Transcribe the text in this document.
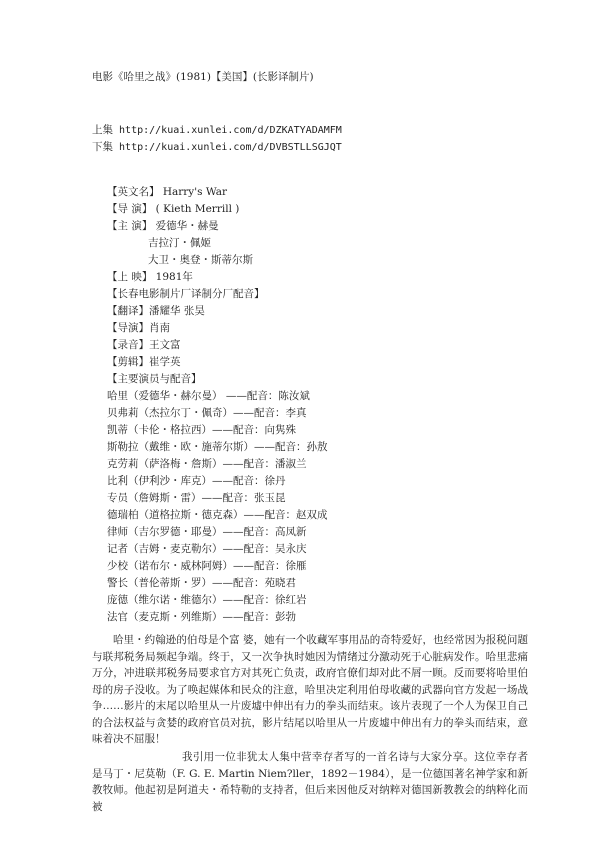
电影《哈里之战》(1981)【美国】(长影译制片)
上集 http://kuai.xunlei.com/d/DZKATYADAMFM
下集 http://kuai.xunlei.com/d/DVBSTLLSGJQT
【英文名】 Harry's War
【导 演】 ( Kieth Merrill )
【主 演】 爱德华・赫曼
吉拉汀・佩姬
大卫・奥登・斯蒂尔斯
【上 映】 1981年
【长春电影制片厂译制分厂配音】
【翻译】潘耀华 张昊
【导演】肖南
【录音】王文富
【剪辑】崔学英
【主要演员与配音】
哈里（爱德华・赫尔曼） ——配音：陈汝斌
贝弗莉（杰拉尔丁・佩奇）——配音：李真
凯蒂（卡伦・格拉西）——配音：向隽殊
斯勒拉（戴维・欧・施蒂尔斯）——配音：孙敖
克劳莉（萨洛梅・詹斯）——配音：潘淑兰
比利（伊利沙・库克）——配音：徐丹
专员（詹姆斯・雷）——配音：张玉昆
德瑞柏（道格拉斯・德克森）——配音：赵双成
律师（吉尔罗德・耶曼）——配音：高凤新
记者（吉姆・麦克勒尔）——配音：吴永庆
少校（诺布尔・威林阿姆）——配音：徐雁
警长（普伦蒂斯・罗）——配音：苑晓君
庞德（维尔诺・维德尔）——配音：徐红岩
法官（麦克斯・列维斯）——配音：彭勃
哈里・约翰逊的伯母是个富 婆，她有一个收藏军事用品的奇特爱好，也经常因为报税问题与联邦税务局频起争端。终于，又一次争执时她因为情绪过分激动死于心脏病发作。哈里悲痛万分，冲进联邦税务局要求官方对其死亡负责，政府官僚们却对此不屑一顾。反而要将哈里伯母的房子没收。为了唤起媒体和民众的注意，哈里决定利用伯母收藏的武器向官方发起一场战争……影片的末尾以哈里从一片废墟中伸出有力的拳头而结束。该片表现了一个人为保卫自己的合法权益与贪婪的政府官员对抗，影片结尾以哈里从一片废墟中伸出有力的拳头而结束，意味着决不屈服！
我引用一位非犹太人集中营幸存者写的一首名诗与大家分享。这位幸存者是马丁・尼莫勒（F. G. E. Martin Niem?ller，1892－1984），是一位德国著名神学家和新教牧师。他起初是阿道夫・希特勒的支持者，但后来因他反对纳粹对德国新教教会的纳粹化而被
